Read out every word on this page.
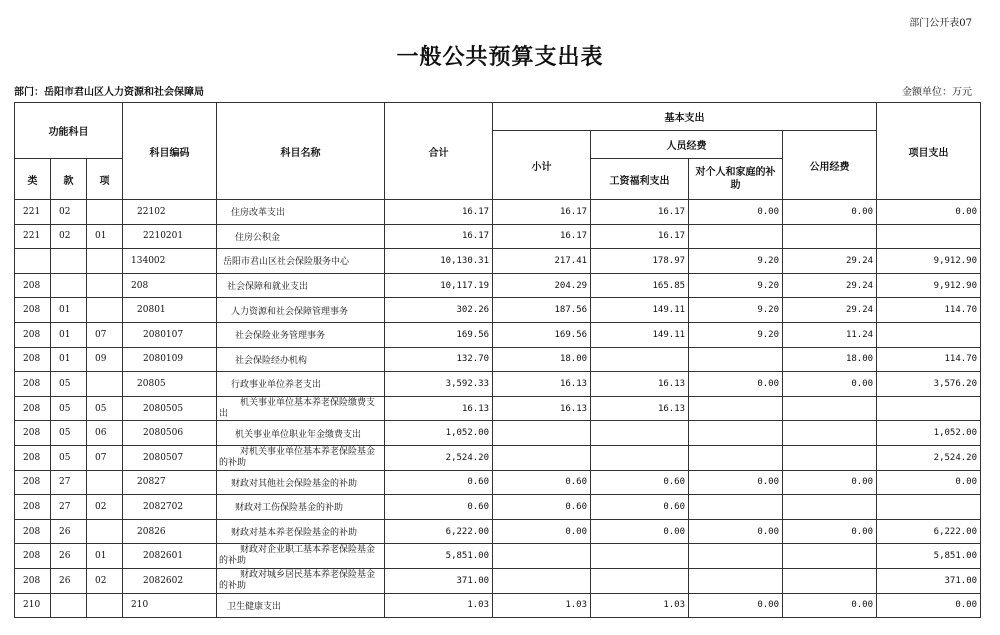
部门公开表07
一般公共预算支出表
部门：岳阳市君山区人力资源和社会保障局	金额单位：万元
功能科目			科目编码	科目名称	合计	基本支出				项目支出
						小计	人员经费		公用经费	
类	款	项					工资福利支出	对个人和家庭的补助		
221	02		22102	住房改革支出	16.17	16.17	16.17	0.00	0.00	0.00
221	02	01	2210201	住房公积金	16.17	16.17	16.17			
			134002	岳阳市君山区社会保险服务中心	10,130.31	217.41	178.97	9.20	29.24	9,912.90
208			208	社会保障和就业支出	10,117.19	204.29	165.85	9.20	29.24	9,912.90
208	01		20801	人力资源和社会保障管理事务	302.26	187.56	149.11	9.20	29.24	114.70
208	01	07	2080107	社会保险业务管理事务	169.56	169.56	149.11	9.20	11.24	
208	01	09	2080109	社会保险经办机构	132.70	18.00			18.00	114.70
208	05		20805	行政事业单位养老支出	3,592.33	16.13	16.13	0.00	0.00	3,576.20
208	05	05	2080505	机关事业单位基本养老保险缴费支出	16.13	16.13	16.13			
208	05	06	2080506	机关事业单位职业年金缴费支出	1,052.00					1,052.00
208	05	07	2080507	对机关事业单位基本养老保险基金的补助	2,524.20					2,524.20
208	27		20827	财政对其他社会保险基金的补助	0.60	0.60	0.60	0.00	0.00	0.00
208	27	02	2082702	财政对工伤保险基金的补助	0.60	0.60	0.60			
208	26		20826	财政对基本养老保险基金的补助	6,222.00	0.00	0.00	0.00	0.00	6,222.00
208	26	01	2082601	财政对企业职工基本养老保险基金的补助	5,851.00					5,851.00
208	26	02	2082602	财政对城乡居民基本养老保险基金的补助	371.00					371.00
210			210	卫生健康支出	1.03	1.03	1.03	0.00	0.00	0.00
